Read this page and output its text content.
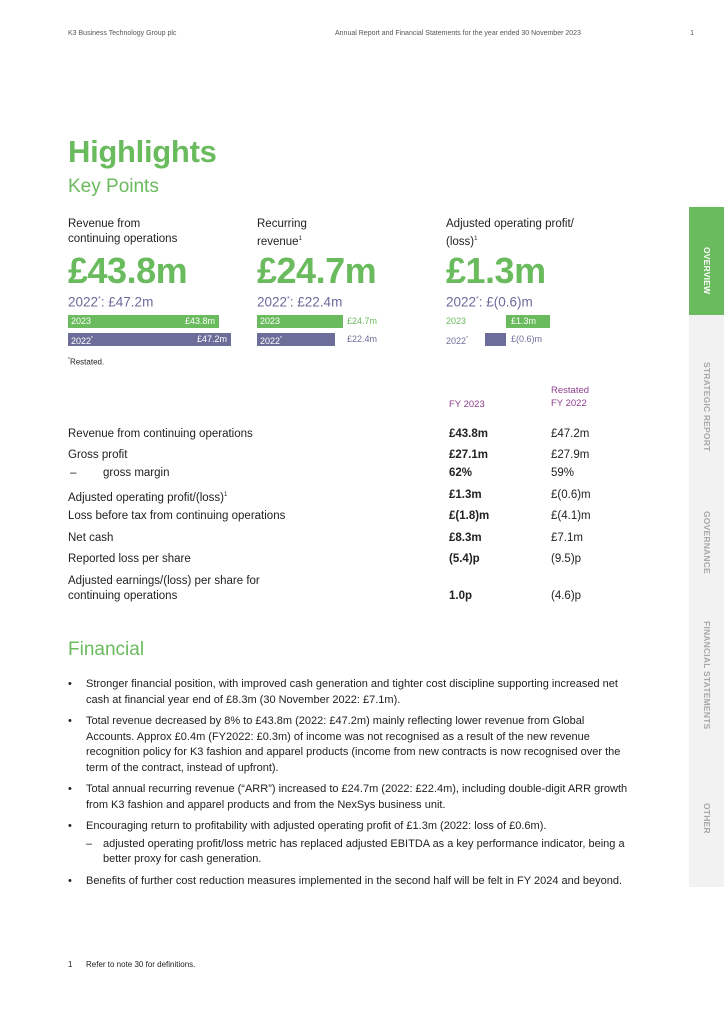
K3 Business Technology Group plc	Annual Report and Financial Statements for the year ended 30 November 2023	1
Highlights
Key Points
Revenue from
continuing operations
£43.8m
2022*: £47.2m
2023	£43.8m
2022*	£47.2m
Recurring
revenue$^1$
£24.7m
2022*: £22.4m
2023	£24.7m
2022*	£22.4m
Adjusted operating profit/
(loss)$^1$
£1.3m
2022*: £(0.6)m
2023	£1.3m
2022*	£(0.6)m
*Restated.
FY 2023
Restated
FY 2022
Revenue from continuing operations	£43.8m	£47.2m
Gross profit	£27.1m	£27.9m
–	gross margin	62%	59%
Adjusted operating profit/(loss)$^1$	£1.3m	£(0.6)m
Loss before tax from continuing operations	£(1.8)m	£(4.1)m
Net cash	£8.3m	£7.1m
Reported loss per share	(5.4)p	(9.5)p
Adjusted earnings/(loss) per share for
continuing operations	1.0p	(4.6)p
Financial
• Stronger financial position, with improved cash generation and tighter cost discipline supporting increased net cash at financial year end of £8.3m (30 November 2022: £7.1m).
• Total revenue decreased by 8% to £43.8m (2022: £47.2m) mainly reflecting lower revenue from Global Accounts. Approx £0.4m (FY2022: £0.3m) of income was not recognised as a result of the new revenue recognition policy for K3 fashion and apparel products (income from new contracts is now recognised over the term of the contract, instead of upfront).
• Total annual recurring revenue (“ARR”) increased to £24.7m (2022: £22.4m), including double-digit ARR growth from K3 fashion and apparel products and from the NexSys business unit.
• Encouraging return to profitability with adjusted operating profit of £1.3m (2022: loss of £0.6m).
– adjusted operating profit/loss metric has replaced adjusted EBITDA as a key performance indicator, being a better proxy for cash generation.
• Benefits of further cost reduction measures implemented in the second half will be felt in FY 2024 and beyond.
1 Refer to note 30 for definitions.
OVERVIEW
STRATEGIC REPORT
GOVERNANCE
FINANCIAL STATEMENTS
OTHER
